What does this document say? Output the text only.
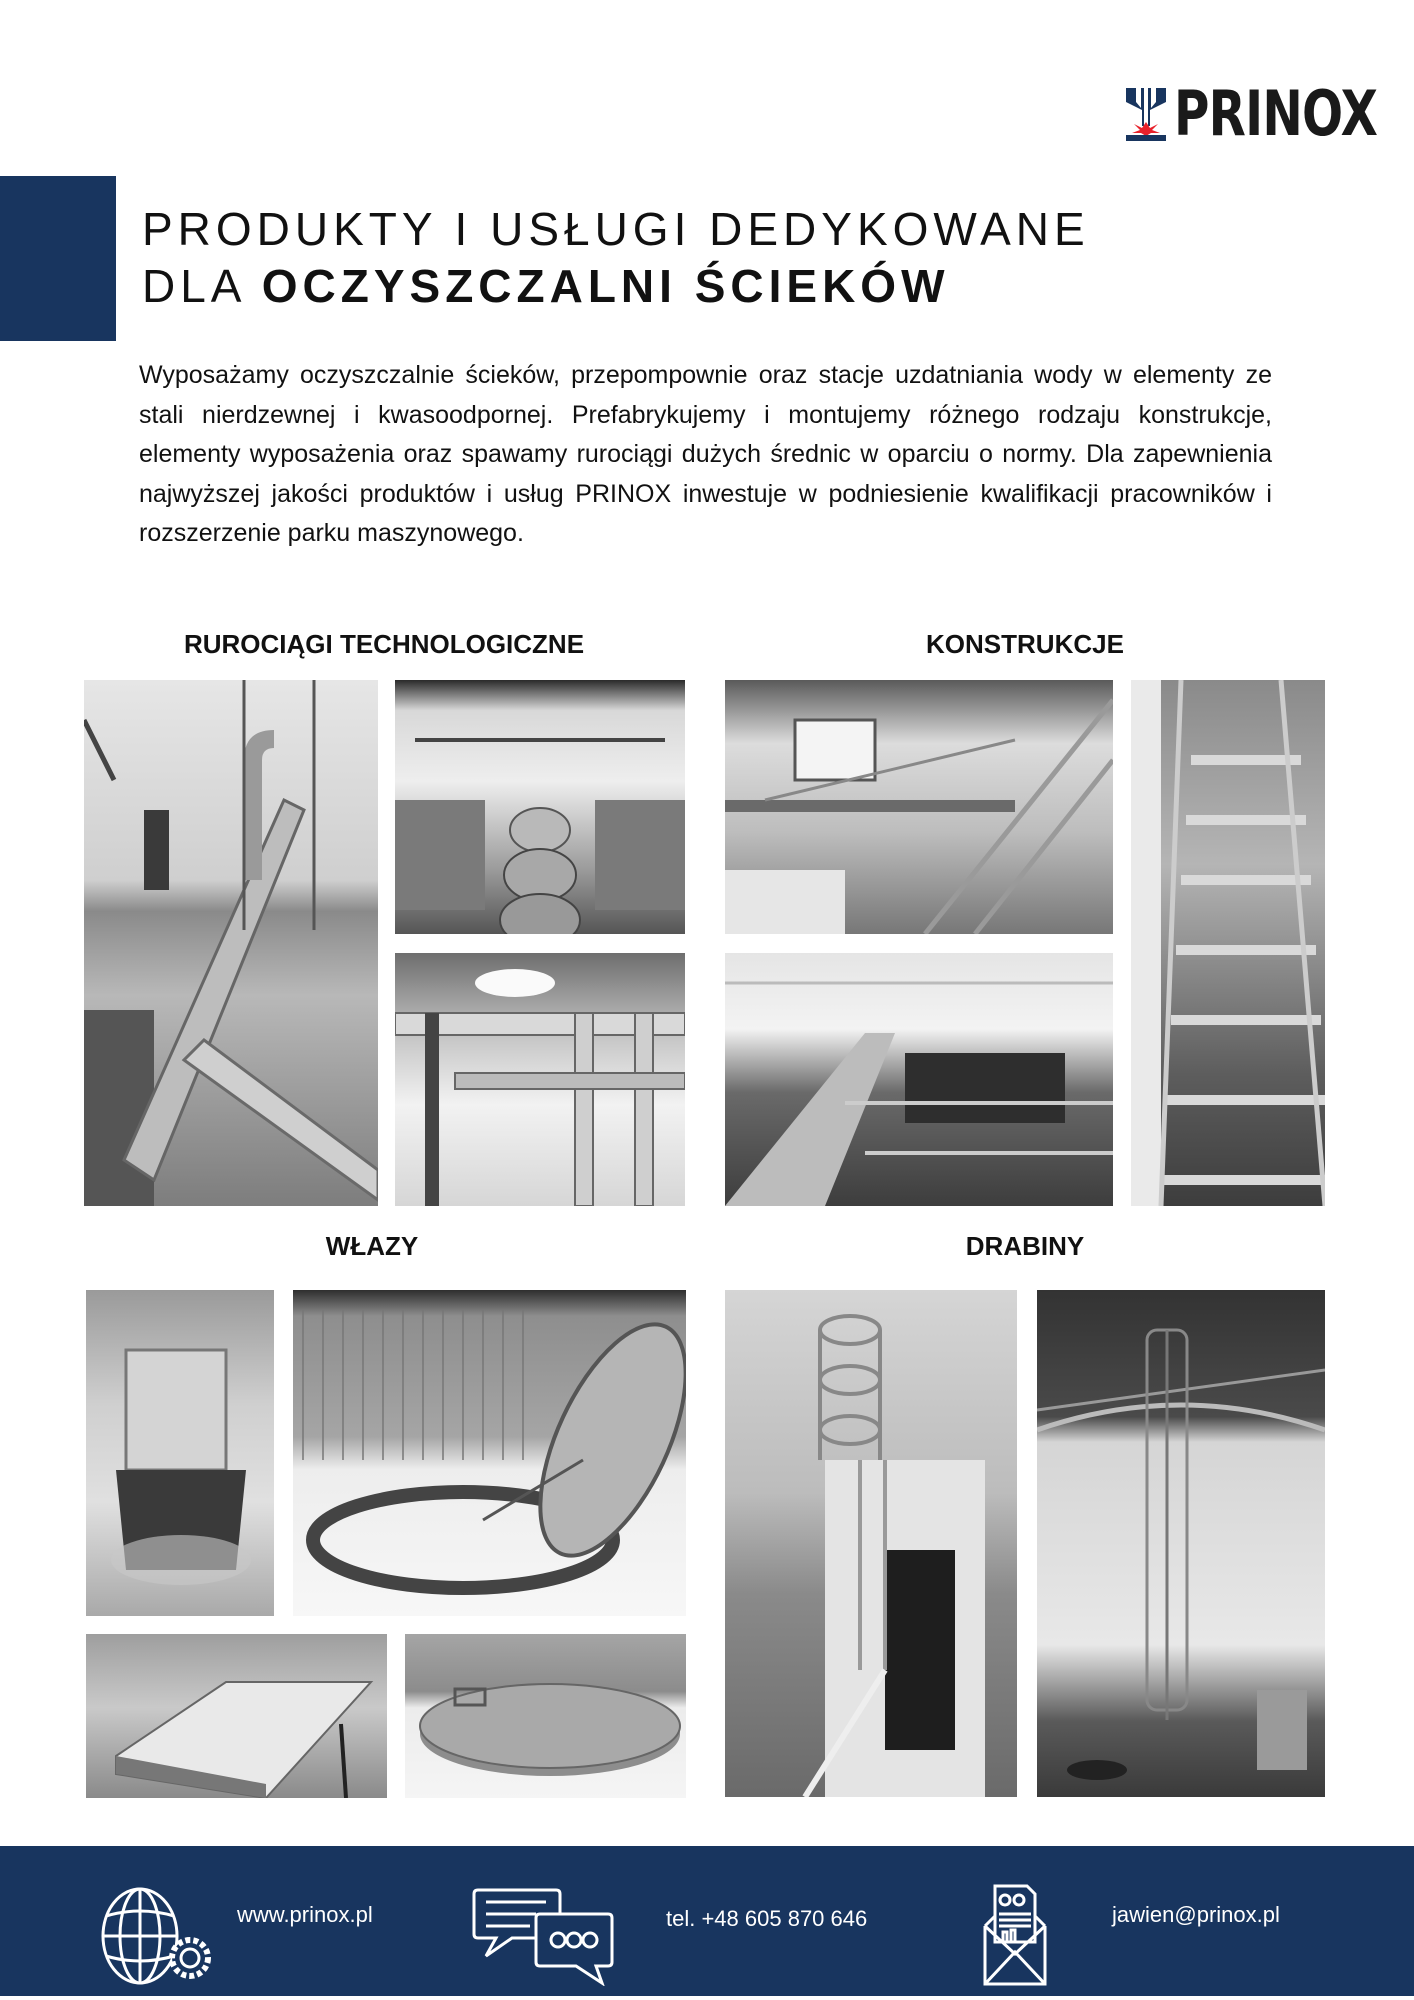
PRINOX
PRODUKTY I USŁUGI DEDYKOWANE
DLA OCZYSZCZALNI ŚCIEKÓW

Wyposażamy oczyszczalnie ścieków, przepompownie oraz stacje uzdatniania wody w elementy ze stali nierdzewnej i kwasoodpornej. Prefabrykujemy i montujemy różnego rodzaju konstrukcje, elementy wyposażenia oraz spawamy rurociągi dużych średnic w oparciu o normy. Dla zapewnienia najwyższej jakości produktów i usług PRINOX inwestuje w podniesienie kwalifikacji pracowników i rozszerzenie parku maszynowego.

RUROCIĄGI TECHNOLOGICZNE	KONSTRUKCJE
WŁAZY	DRABINY
www.prinox.pl	tel. +48 605 870 646	jawien@prinox.pl
